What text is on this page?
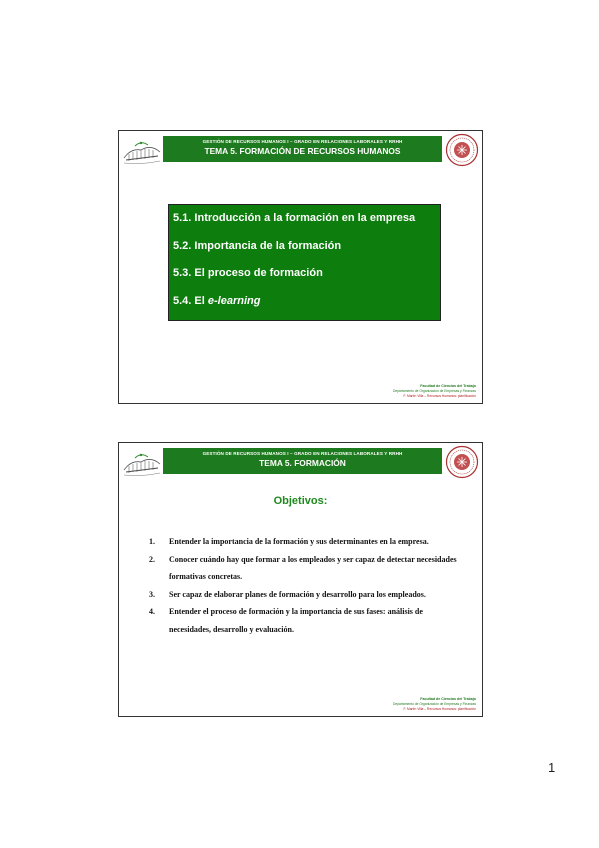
GESTIÓN DE RECURSOS HUMANOS I – GRADO EN RELACIONES LABORALES Y RRHH
TEMA 5. FORMACIÓN DE RECURSOS HUMANOS
5.1. Introducción a la formación en la empresa
5.2. Importancia de la formación
5.3. El proceso de formación
5.4. El e-learning
Facultad de Ciencias del Trabajo
Departamento de Organización de Empresas y Finanzas
F. Martín Villa – Recursos Humanos: planificación
GESTIÓN DE RECURSOS HUMANOS I – GRADO EN RELACIONES LABORALES Y RRHH
TEMA 5. FORMACIÓN
Objetivos:
1. Entender la importancia de la formación y sus determinantes en la empresa.
2. Conocer cuándo hay que formar a los empleados y ser capaz de detectar necesidades formativas concretas.
3. Ser capaz de elaborar planes de formación y desarrollo para los empleados.
4. Entender el proceso de formación y la importancia de sus fases: análisis de necesidades, desarrollo y evaluación.
Facultad de Ciencias del Trabajo
Departamento de Organización de Empresas y Finanzas
F. Martín Villa – Recursos Humanos: planificación
1
